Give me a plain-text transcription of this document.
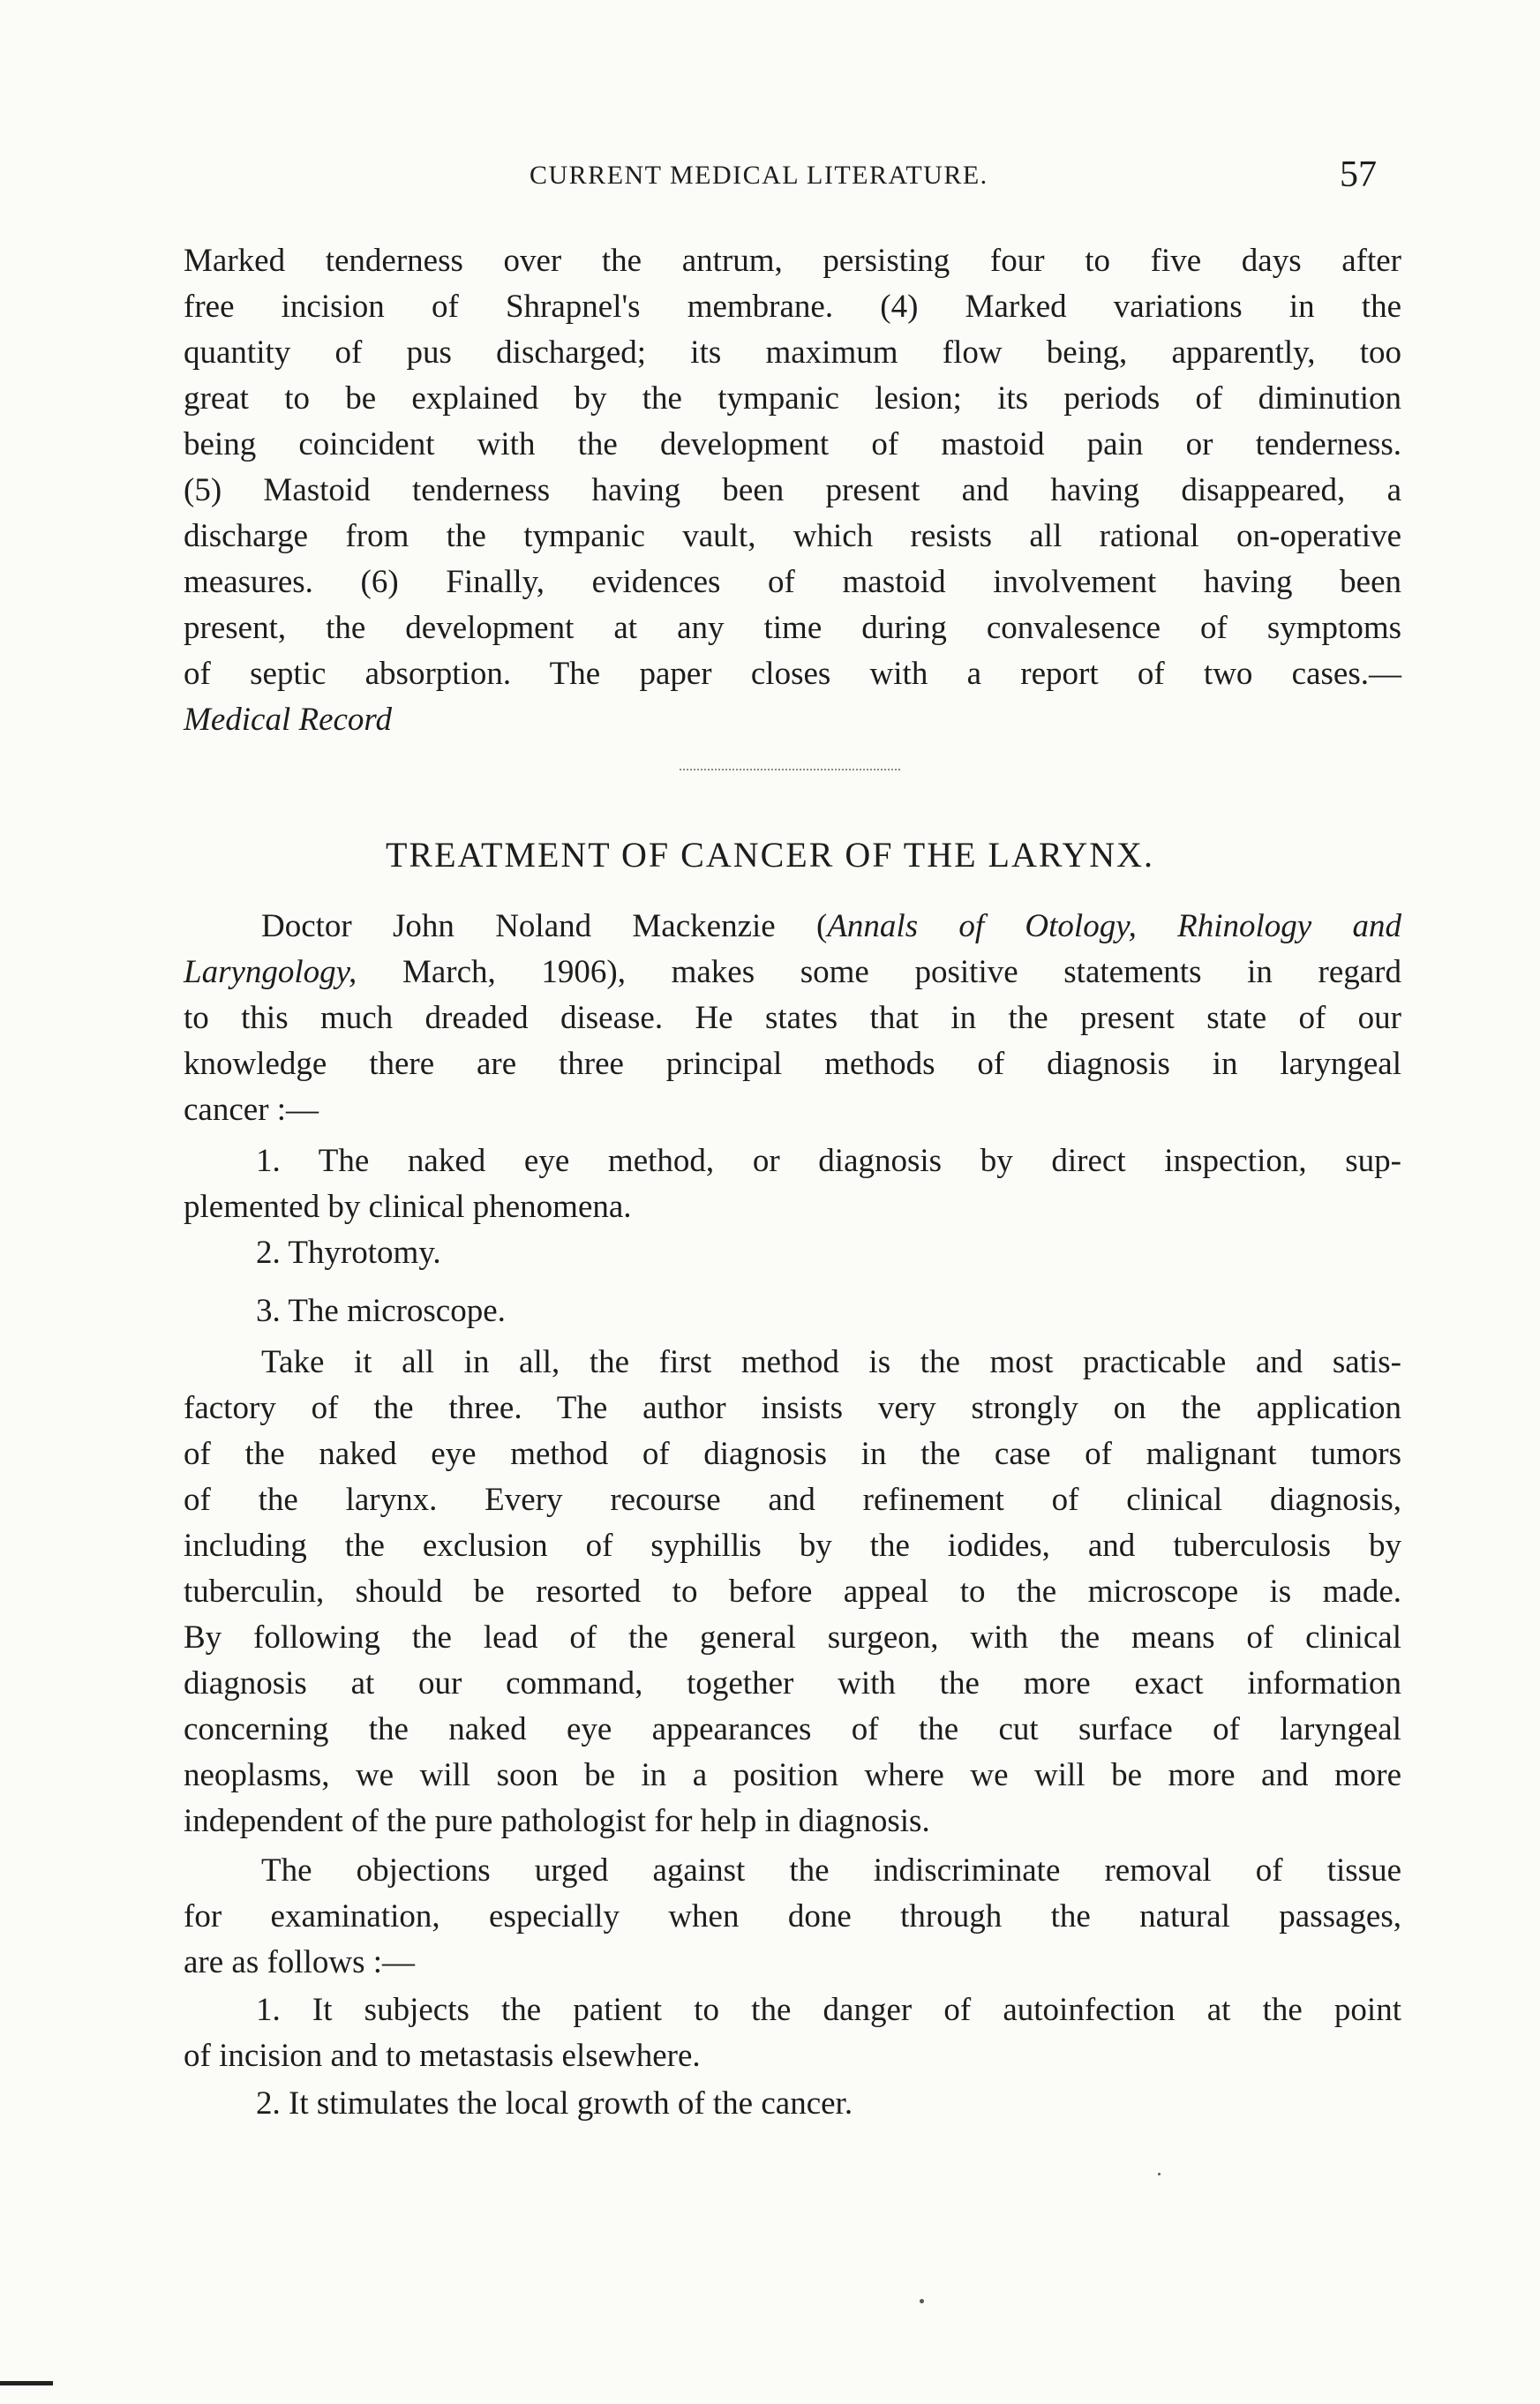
CURRENT MEDICAL LITERATURE.	57
Marked tenderness over the antrum, persisting four to five days after
free incision of Shrapnel's membrane. (4) Marked variations in the
quantity of pus discharged; its maximum flow being, apparently, too
great to be explained by the tympanic lesion; its periods of diminution
being coincident with the development of mastoid pain or tenderness.
(5) Mastoid tenderness having been present and having disappeared, a
discharge from the tympanic vault, which resists all rational on-operative
measures. (6) Finally, evidences of mastoid involvement having been
present, the development at any time during convalesence of symptoms
of septic absorption. The paper closes with a report of two cases.—
Medical Record
TREATMENT OF CANCER OF THE LARYNX.
Doctor John Noland Mackenzie (Annals of Otology, Rhinology and
Laryngology, March, 1906), makes some positive statements in regard
to this much dreaded disease. He states that in the present state of our
knowledge there are three principal methods of diagnosis in laryngeal
cancer :—
1. The naked eye method, or diagnosis by direct inspection, sup-
plemented by clinical phenomena.
2. Thyrotomy.
3. The microscope.
Take it all in all, the first method is the most practicable and satis-
factory of the three. The author insists very strongly on the application
of the naked eye method of diagnosis in the case of malignant tumors
of the larynx. Every recourse and refinement of clinical diagnosis,
including the exclusion of syphillis by the iodides, and tuberculosis by
tuberculin, should be resorted to before appeal to the microscope is made.
By following the lead of the general surgeon, with the means of clinical
diagnosis at our command, together with the more exact information
concerning the naked eye appearances of the cut surface of laryngeal
neoplasms, we will soon be in a position where we will be more and more
independent of the pure pathologist for help in diagnosis.
The objections urged against the indiscriminate removal of tissue
for examination, especially when done through the natural passages,
are as follows :—
1. It subjects the patient to the danger of autoinfection at the point
of incision and to metastasis elsewhere.
2. It stimulates the local growth of the cancer.
